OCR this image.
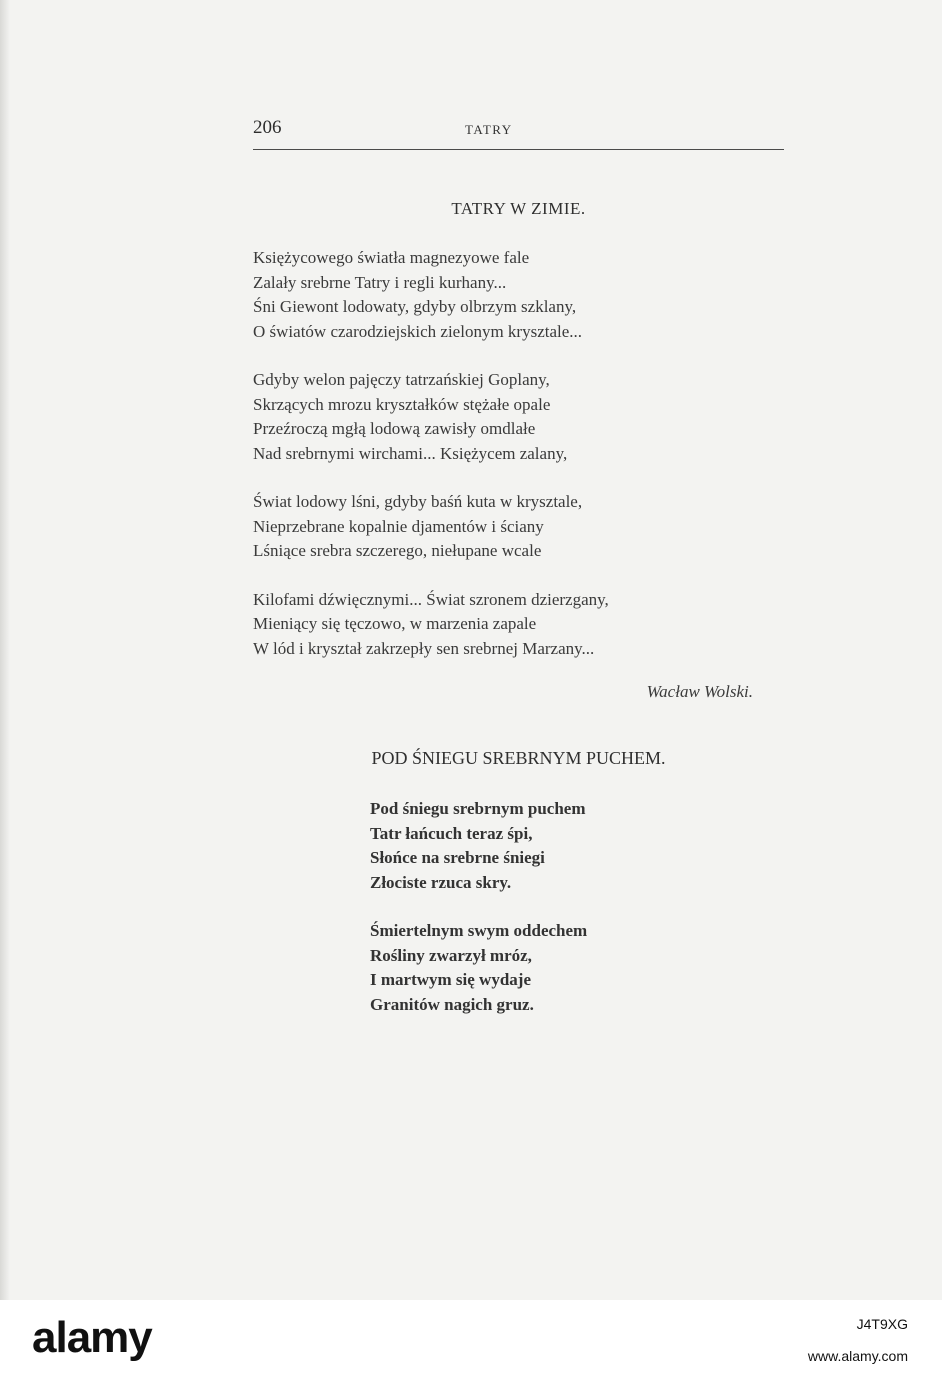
206	TATRY
TATRY W ZIMIE.
Księżycowego światła magnezyowe fale
Zalały srebrne Tatry i regli kurhany...
Śni Giewont lodowaty, gdyby olbrzym szklany,
O światów czarodziejskich zielonym krysztale...
Gdyby welon pajęczy tatrzańskiej Goplany,
Skrzących mrozu kryształków stężałe opale
Przeźroczą mgłą lodową zawisły omdlałe
Nad srebrnymi wirchami... Księżycem zalany,
Świat lodowy lśni, gdyby baśń kuta w krysztale,
Nieprzebrane kopalnie djamentów i ściany
Lśniące srebra szczerego, niełupane wcale
Kilofami dźwięcznymi... Świat szronem dzierzgany,
Mieniący się tęczowo, w marzenia zapale
W lód i kryształ zakrzepły sen srebrnej Marzany...
Wacław Wolski.
POD ŚNIEGU SREBRNYM PUCHEM.
Pod śniegu srebrnym puchem
Tatr łańcuch teraz śpi,
Słońce na srebrne śniegi
Złociste rzuca skry.
Śmiertelnym swym oddechem
Rośliny zwarzył mróz,
I martwym się wydaje
Granitów nagich gruz.
alamy	J4T9XG
www.alamy.com
